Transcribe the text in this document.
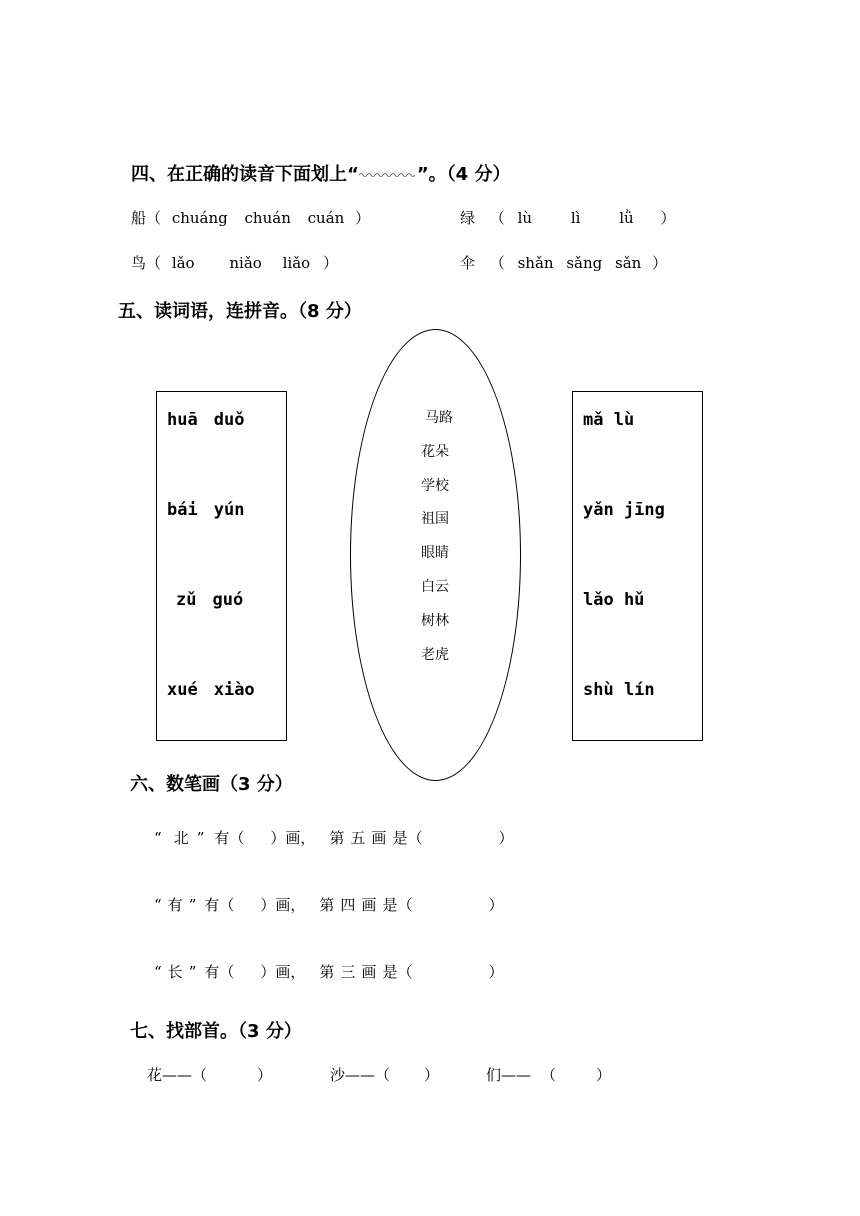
四、在正确的读音下面划上“	”。（4 分）
船（ chuáng chuán cuán ）	绿 （ lù	lì	lǜ ）
鸟（ lǎo niǎo liǎo ）	伞 （ shǎn sǎng sǎn ）
五、读词语，连拼音。（8 分）
huā duǒ
bái yún
zǔ guó
xué xiào
马路
花朵
学校
祖国
眼睛
白云
树林
老虎
mǎ lù
yǎn jīng
lǎo hǔ
shù lín
六、数笔画（3 分）
“ 北 ” 有（ ）画， 第 五 画 是（	）
“ 有 ” 有（ ）画， 第 四 画 是（	）
“ 长 ” 有（ ）画， 第 三 画 是（	）
七、找部首。（3 分）
花——（	）	沙——（ ）	们—— （	）
